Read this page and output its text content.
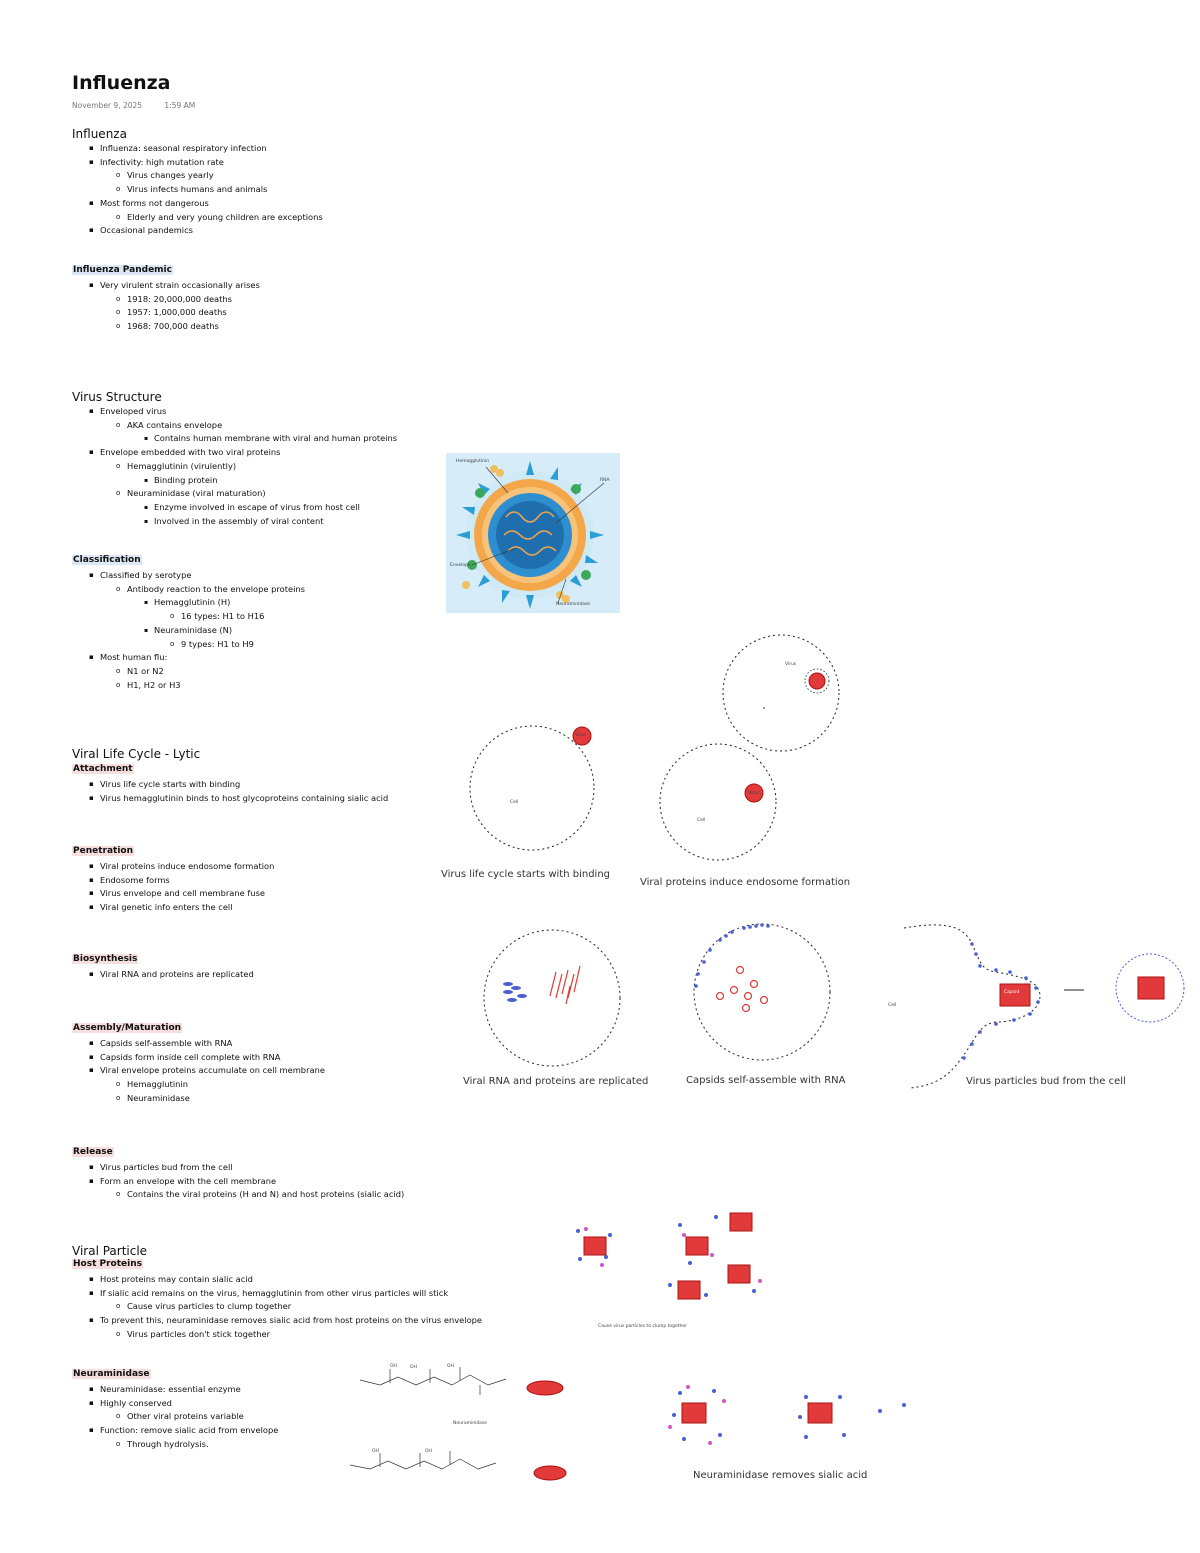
Influenza
November 9, 2025	1:59 AM
Influenza
▪ Influenza: seasonal respiratory infection
▪ Infectivity: high mutation rate
o Virus changes yearly
o Virus infects humans and animals
▪ Most forms not dangerous
o Elderly and very young children are exceptions
▪ Occasional pandemics
Influenza Pandemic
▪ Very virulent strain occasionally arises
o 1918: 20,000,000 deaths
o 1957: 1,000,000 deaths
o 1968: 700,000 deaths
Virus Structure
▪ Enveloped virus
o AKA contains envelope
▪ Contains human membrane with viral and human proteins
▪ Envelope embedded with two viral proteins
o Hemagglutinin (virulently)
▪ Binding protein
o Neuraminidase (viral maturation)
▪ Enzyme involved in escape of virus from host cell
▪ Involved in the assembly of viral content
Classification
▪ Classified by serotype
o Antibody reaction to the envelope proteins
▪ Hemagglutinin (H)
o 16 types: H1 to H16
▪ Neuraminidase (N)
o 9 types: H1 to H9
▪ Most human flu:
o N1 or N2
o H1, H2 or H3
Viral Life Cycle - Lytic
Attachment
▪ Virus life cycle starts with binding
▪ Virus hemagglutinin binds to host glycoproteins containing sialic acid
Penetration
▪ Viral proteins induce endosome formation
▪ Endosome forms
▪ Virus envelope and cell membrane fuse
▪ Viral genetic info enters the cell
Biosynthesis
▪ Viral RNA and proteins are replicated
Assembly/Maturation
▪ Capsids self-assemble with RNA
▪ Capsids form inside cell complete with RNA
▪ Viral envelope proteins accumulate on cell membrane
o Hemagglutinin
o Neuraminidase
Release
▪ Virus particles bud from the cell
▪ Form an envelope with the cell membrane
o Contains the viral proteins (H and N) and host proteins (sialic acid)
Viral Particle
Host Proteins
▪ Host proteins may contain sialic acid
▪ If sialic acid remains on the virus, hemagglutinin from other virus particles will stick
o Cause virus particles to clump together
▪ To prevent this, neuraminidase removes sialic acid from host proteins on the virus envelope
o Virus particles don't stick together
Neuraminidase
▪ Neuraminidase: essential enzyme
▪ Highly conserved
o Other viral proteins variable
▪ Function: remove sialic acid from envelope
o Through hydrolysis.
Hemagglutinin
RNA
Envelope
Neuraminidase
Virus
Cell
Virus life cycle starts with binding
Virus
Cell
Virus
Viral proteins induce endosome formation
Viral RNA and proteins are replicated	Capsids self-assemble with RNA
Capsid
Cell
Virus particles bud from the cell
Cause virus particles to clump together
OH	OH	OH
Neuraminidase
OH	OH
Neuraminidase removes sialic acid
